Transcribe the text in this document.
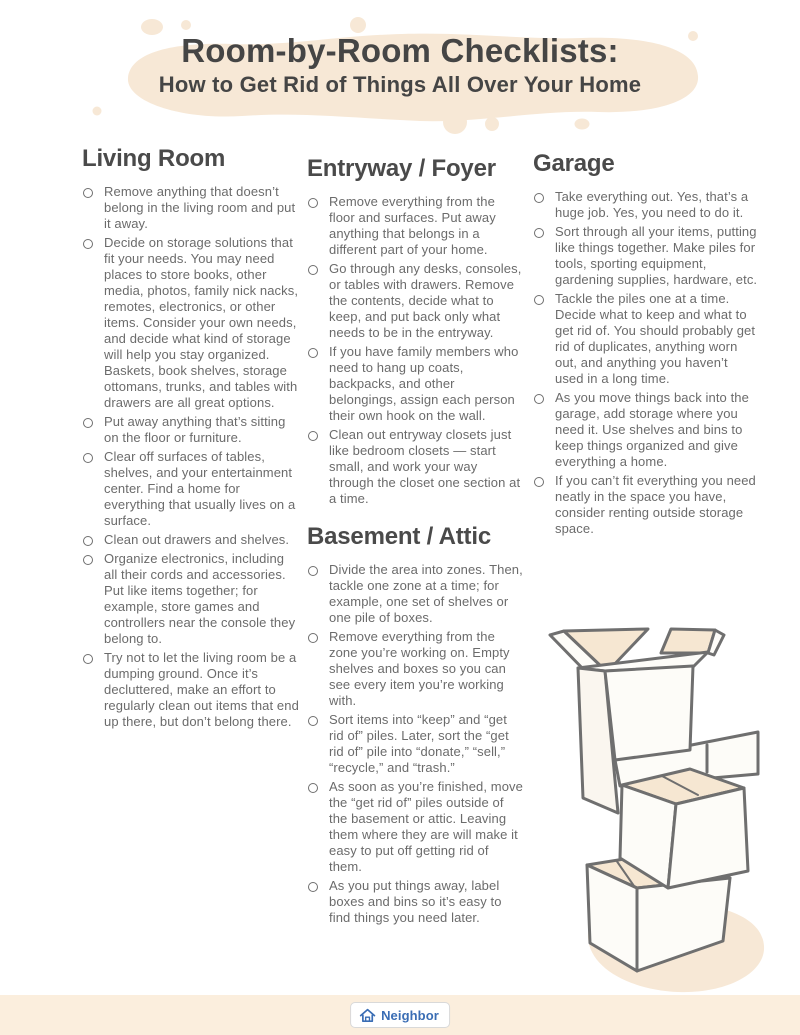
Room-by-Room Checklists:
How to Get Rid of Things All Over Your Home
Living Room
Remove anything that doesn’t belong in the living room and put it away.
Decide on storage solutions that fit your needs. You may need places to store books, other media, photos, family nick nacks, remotes, electronics, or other items. Consider your own needs, and decide what kind of storage will help you stay organized. Baskets, book shelves, storage ottomans, trunks, and tables with drawers are all great options.
Put away anything that’s sitting on the floor or furniture.
Clear off surfaces of tables, shelves, and your entertainment center. Find a home for everything that usually lives on a surface.
Clean out drawers and shelves.
Organize electronics, including all their cords and accessories. Put like items together; for example, store games and controllers near the console they belong to.
Try not to let the living room be a dumping ground. Once it’s decluttered, make an effort to regularly clean out items that end up there, but don’t belong there.
Entryway / Foyer
Remove everything from the floor and surfaces. Put away anything that belongs in a different part of your home.
Go through any desks, consoles, or tables with drawers. Remove the contents, decide what to keep, and put back only what needs to be in the entryway.
If you have family members who need to hang up coats, backpacks, and other belongings, assign each person their own hook on the wall.
Clean out entryway closets just like bedroom closets — start small, and work your way through the closet one section at a time.
Basement / Attic
Divide the area into zones. Then, tackle one zone at a time; for example, one set of shelves or one pile of boxes.
Remove everything from the zone you’re working on. Empty shelves and boxes so you can see every item you’re working with.
Sort items into “keep” and “get rid of” piles. Later, sort the “get rid of” pile into “donate,” “sell,” “recycle,” and “trash.”
As soon as you’re finished, move the “get rid of” piles outside of the basement or attic. Leaving them where they are will make it easy to put off getting rid of them.
As you put things away, label boxes and bins so it’s easy to find things you need later.
Garage
Take everything out. Yes, that’s a huge job. Yes, you need to do it.
Sort through all your items, putting like things together. Make piles for tools, sporting equipment, gardening supplies, hardware, etc.
Tackle the piles one at a time. Decide what to keep and what to get rid of. You should probably get rid of duplicates, anything worn out, and anything you haven’t used in a long time.
As you move things back into the garage, add storage where you need it. Use shelves and bins to keep things organized and give everything a home.
If you can’t fit everything you need neatly in the space you have, consider renting outside storage space.
Neighbor
